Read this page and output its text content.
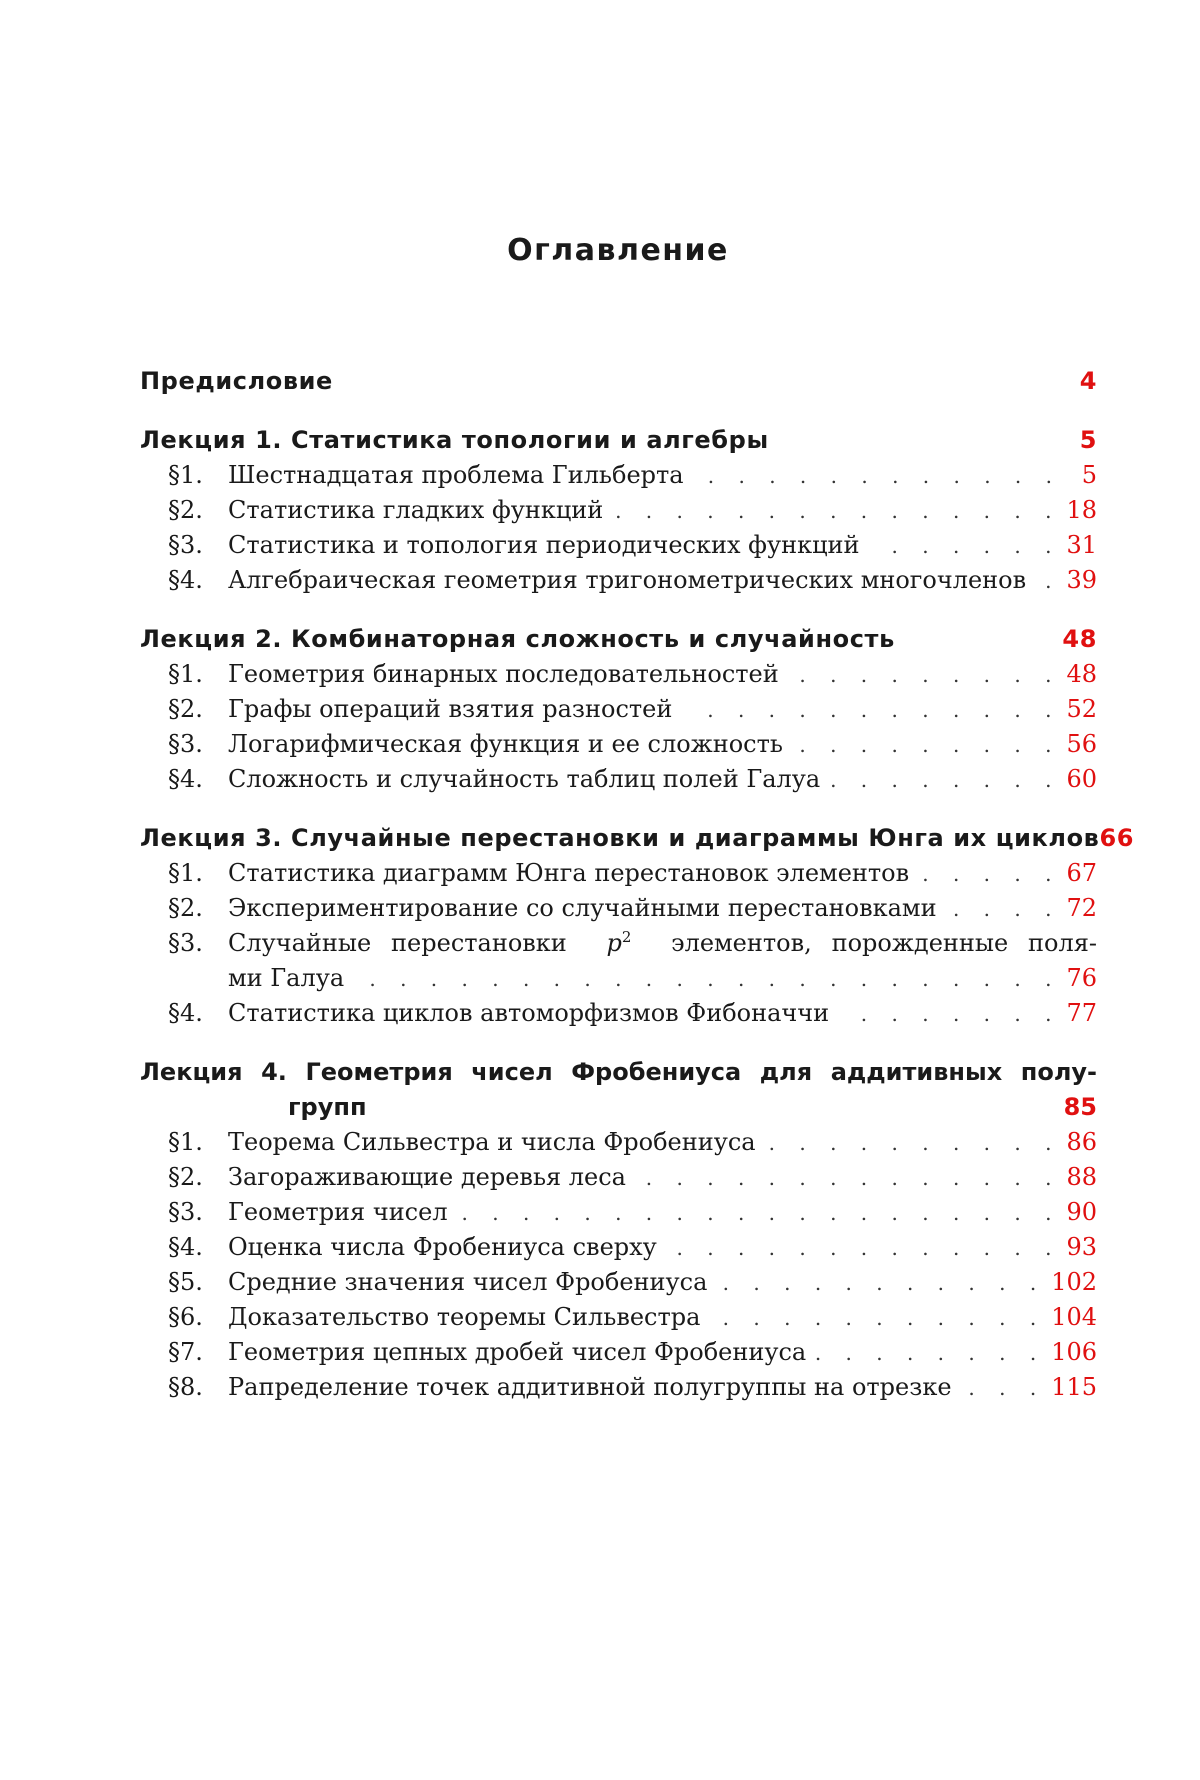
Оглавление
Предисловие	4
Лекция 1. Статистика топологии и алгебры	5
§1.	Шестнадцатая проблема Гильберта . . .	5
§2.	Статистика гладких функций . . .	18
§3.	Статистика и топология периодических функций . . .	31
§4.	Алгебраическая геометрия тригонометрических многочленов . . . 39
Лекция 2. Комбинаторная сложность и случайность	48
§1.	Геометрия бинарных последовательностей . . .	48
§2.	Графы операций взятия разностей . . .	52
§3.	Логарифмическая функция и ее сложность . . .	56
§4.	Сложность и случайность таблиц полей Галуа . . .	60
Лекция 3. Случайные перестановки и диаграммы Юнга их циклов 66
§1.	Статистика диаграмм Юнга перестановок элементов . . .	67
§2.	Экспериментирование со случайными перестановками . . .	72
§3.	Случайные перестановки $p^2$ элементов, порожденные поля-
ми Галуа . . .	76
§4.	Статистика циклов автоморфизмов Фибоначчи . . .	77
Лекция 4. Геометрия чисел Фробениуса для аддитивных полу-
групп	85
§1.	Теорема Сильвестра и числа Фробениуса . . .	86
§2.	Загораживающие деревья леса . . .	88
§3.	Геометрия чисел . . .	90
§4.	Оценка числа Фробениуса сверху . . .	93
§5.	Средние значения чисел Фробениуса . . .	102
§6.	Доказательство теоремы Сильвестра . . .	104
§7.	Геометрия цепных дробей чисел Фробениуса . . .	106
§8.	Рапределение точек аддитивной полугруппы на отрезке . . .	115
